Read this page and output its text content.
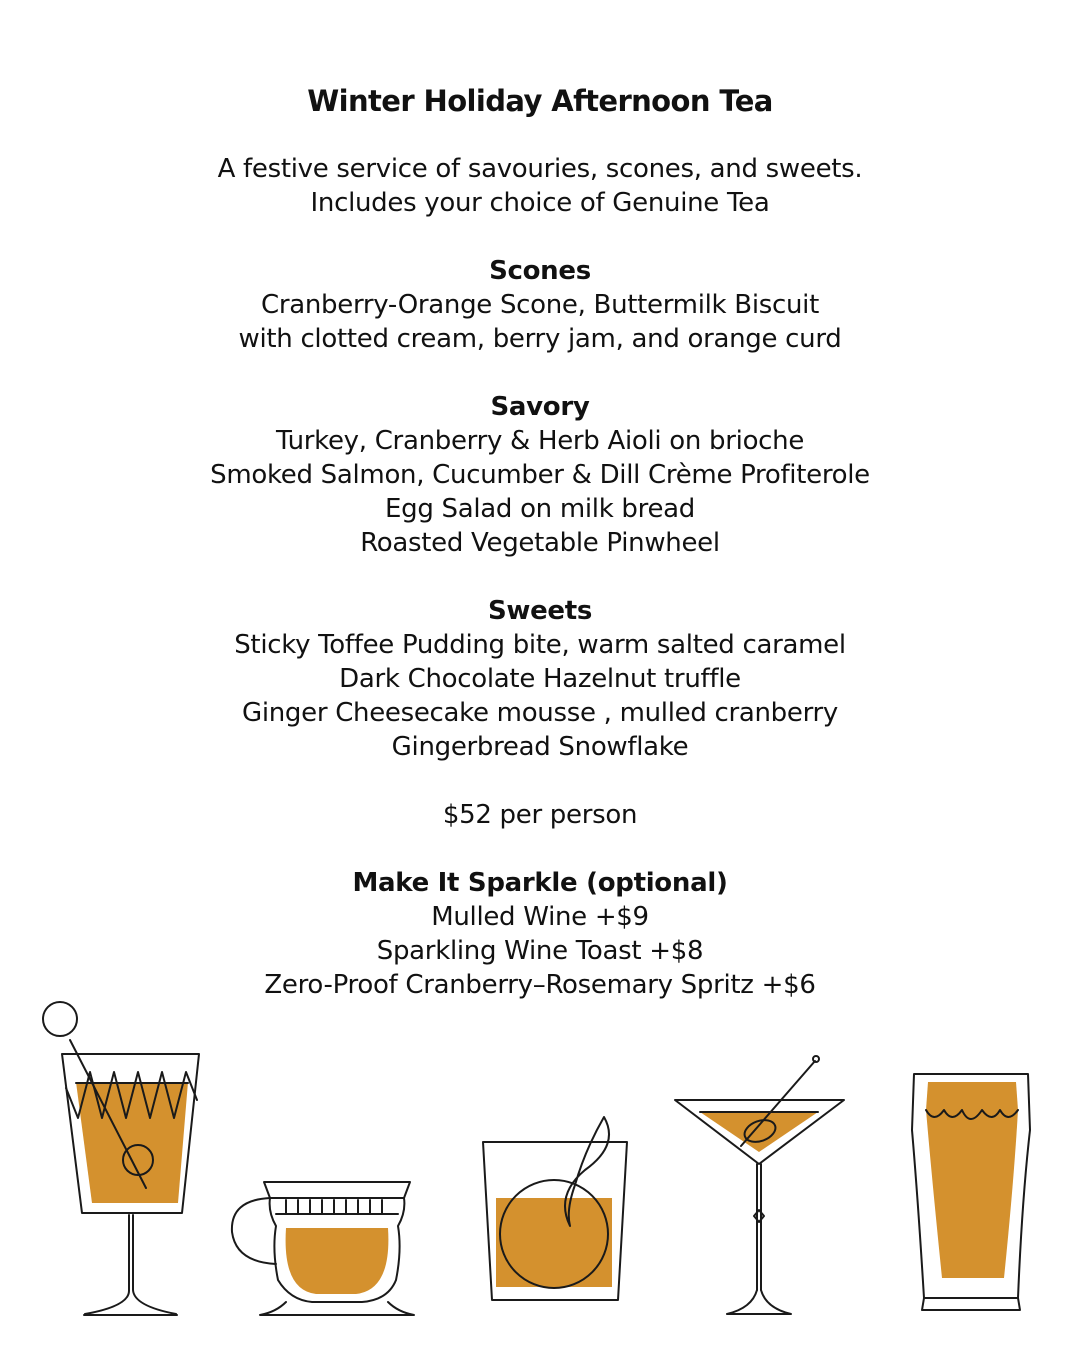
Winter Holiday Afternoon Tea

A festive service of savouries, scones, and sweets.

Includes your choice of Genuine Tea

Scones

Cranberry-Orange Scone, Buttermilk Biscuit

with clotted cream, berry jam, and orange curd

Savory

Turkey, Cranberry & Herb Aioli on brioche

Smoked Salmon, Cucumber & Dill Crème Profiterole

Egg Salad on milk bread

Roasted Vegetable Pinwheel

Sweets

Sticky Toffee Pudding bite, warm salted caramel

Dark Chocolate Hazelnut truffle

Ginger Cheesecake mousse , mulled cranberry

Gingerbread Snowflake

$52 per person

Make It Sparkle (optional)

Mulled Wine +$9

Sparkling Wine Toast +$8

Zero-Proof Cranberry–Rosemary Spritz +$6
